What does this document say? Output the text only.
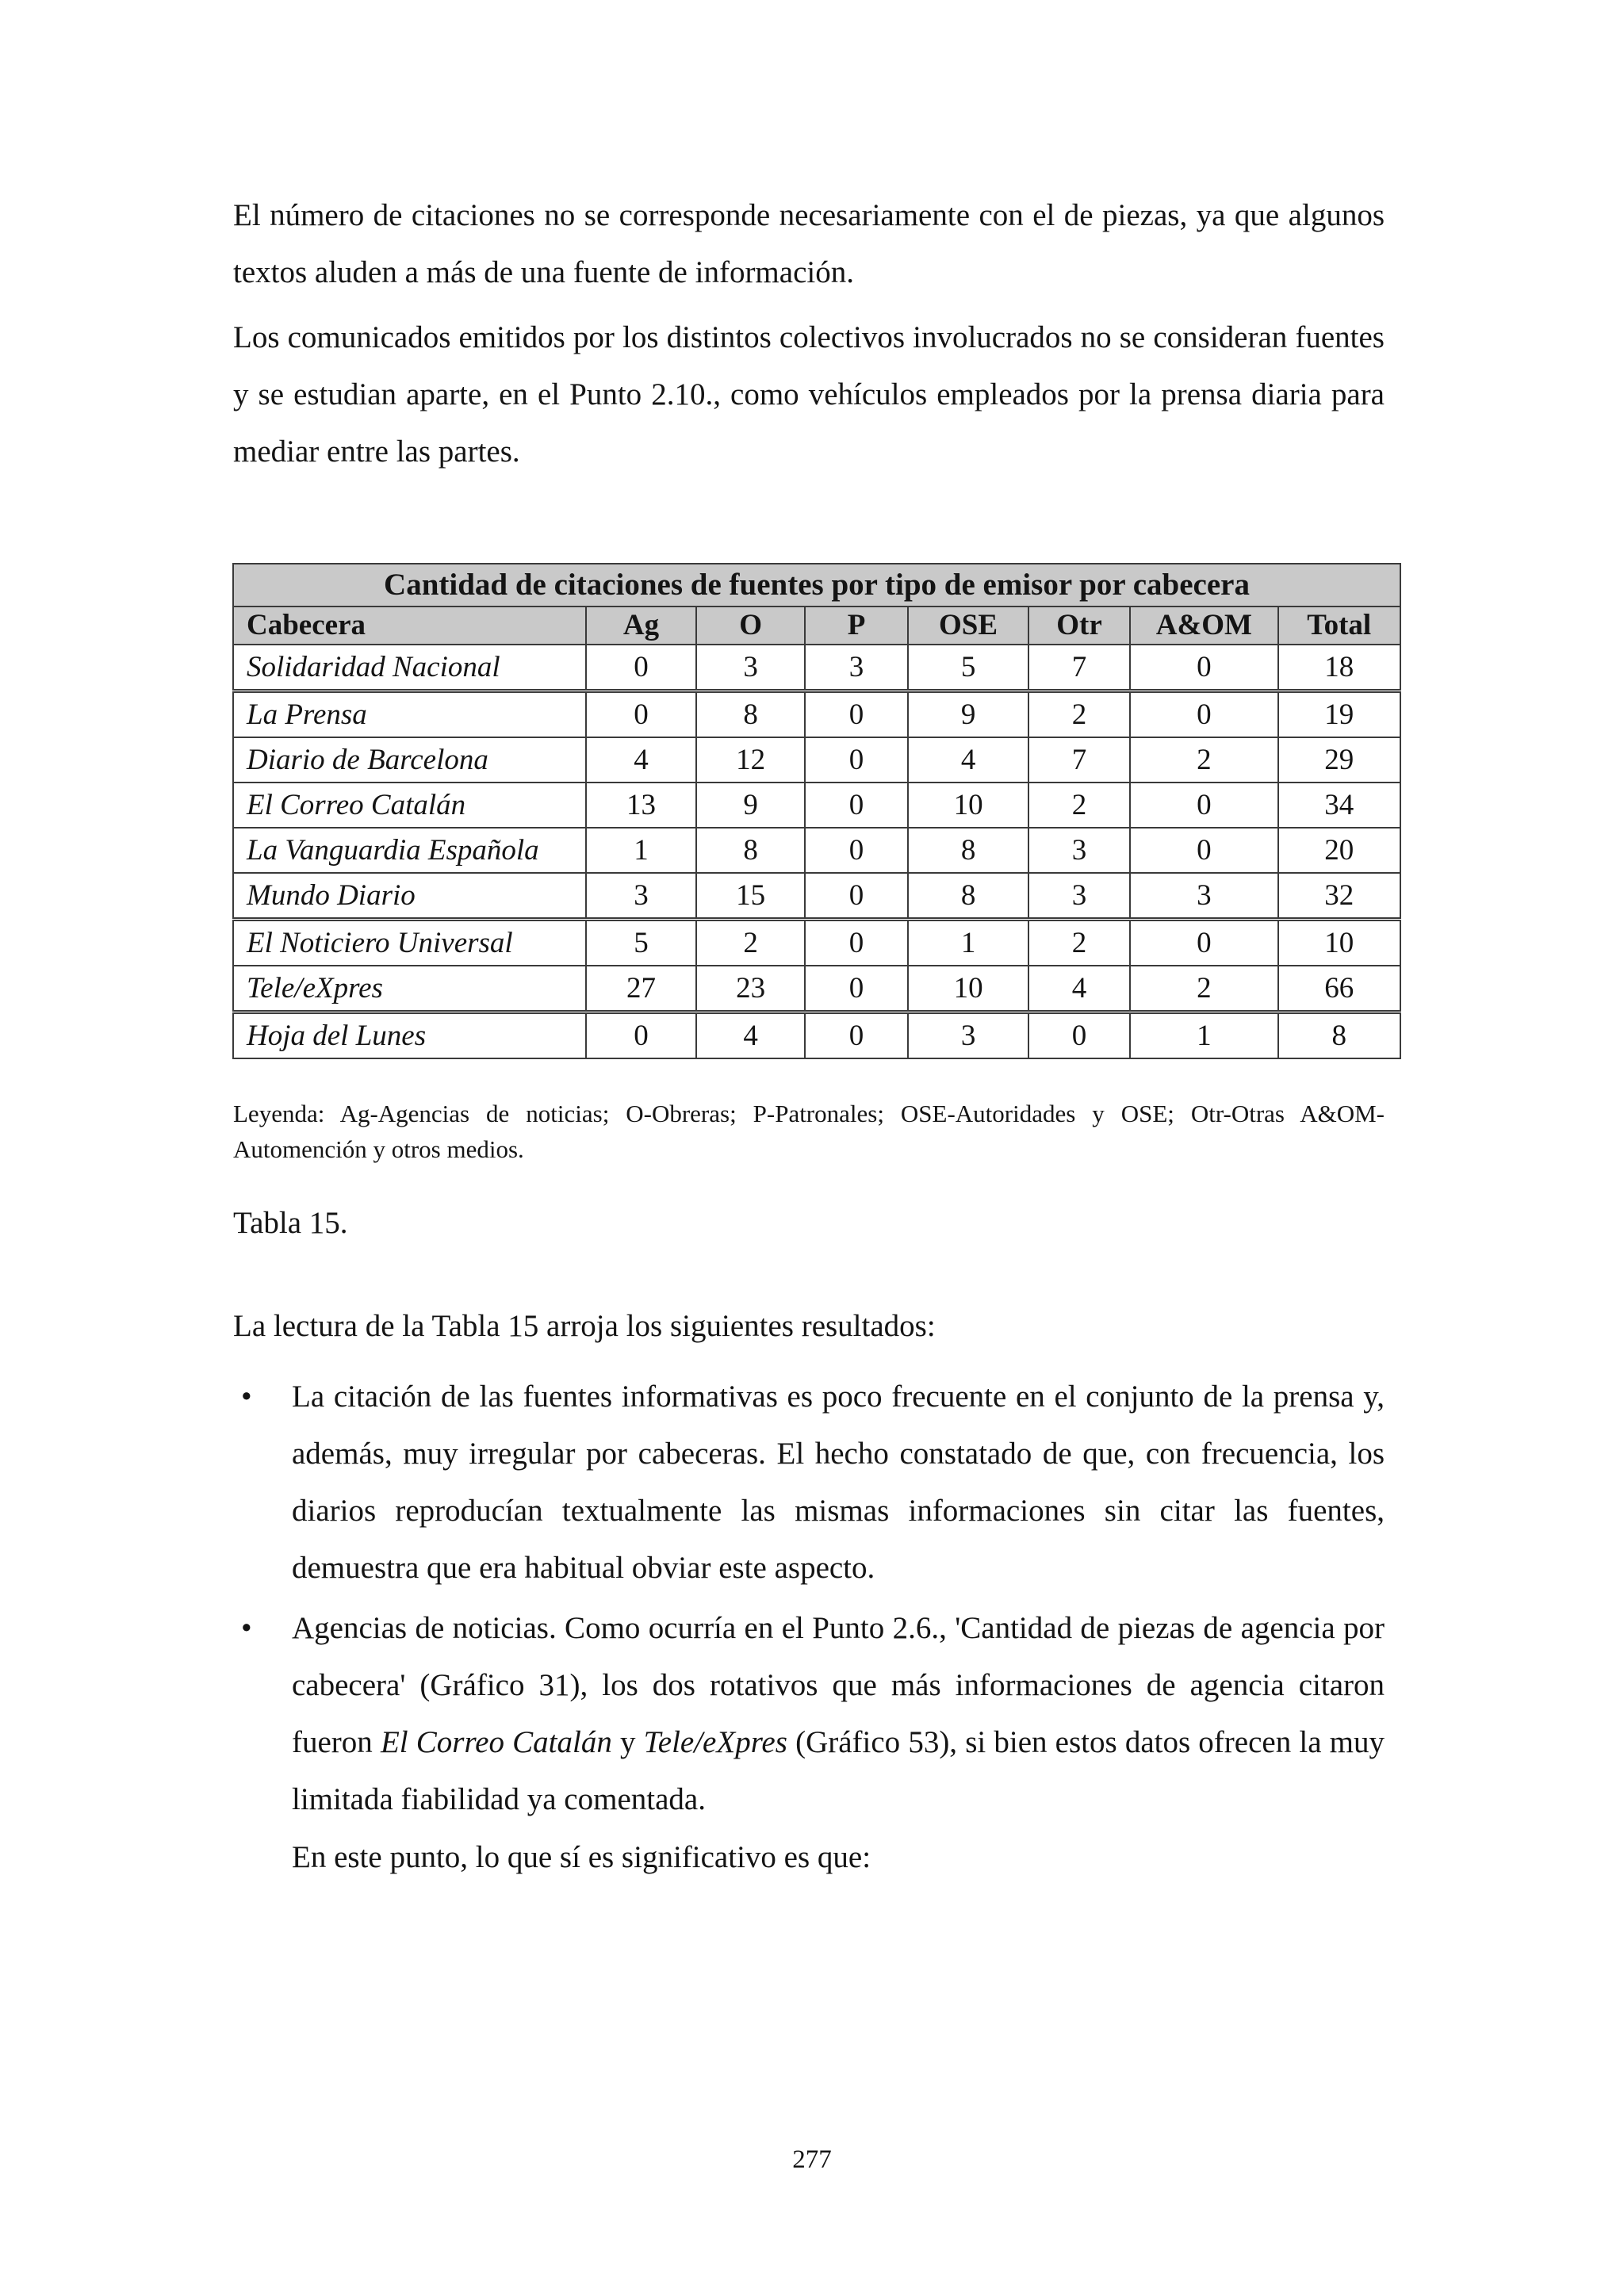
El número de citaciones no se corresponde necesariamente con el de piezas, ya que algunos textos aluden a más de una fuente de información.

Los comunicados emitidos por los distintos colectivos involucrados no se consideran fuentes y se estudian aparte, en el Punto 2.10., como vehículos empleados por la prensa diaria para mediar entre las partes.

Cantidad de citaciones de fuentes por tipo de emisor por cabecera							
Cabecera	Ag	O	P	OSE	Otr	A&OM	Total
Solidaridad Nacional	0	3	3	5	7	0	18
La Prensa	0	8	0	9	2	0	19
Diario de Barcelona	4	12	0	4	7	2	29
El Correo Catalán	13	9	0	10	2	0	34
La Vanguardia Española	1	8	0	8	3	0	20
Mundo Diario	3	15	0	8	3	3	32
El Noticiero Universal	5	2	0	1	2	0	10
Tele/eXpres	27	23	0	10	4	2	66
Hoja del Lunes	0	4	0	3	0	1	8

Leyenda: Ag-Agencias de noticias; O-Obreras; P-Patronales; OSE-Autoridades y OSE; Otr-Otras A&OM-Automención y otros medios.

Tabla 15.

La lectura de la Tabla 15 arroja los siguientes resultados:

• La citación de las fuentes informativas es poco frecuente en el conjunto de la prensa y, además, muy irregular por cabeceras. El hecho constatado de que, con frecuencia, los diarios reproducían textualmente las mismas informaciones sin citar las fuentes, demuestra que era habitual obviar este aspecto.
• Agencias de noticias. Como ocurría en el Punto 2.6., 'Cantidad de piezas de agencia por cabecera' (Gráfico 31), los dos rotativos que más informaciones de agencia citaron fueron El Correo Catalán y Tele/eXpres (Gráfico 53), si bien estos datos ofrecen la muy limitada fiabilidad ya comentada.

En este punto, lo que sí es significativo es que:

277
